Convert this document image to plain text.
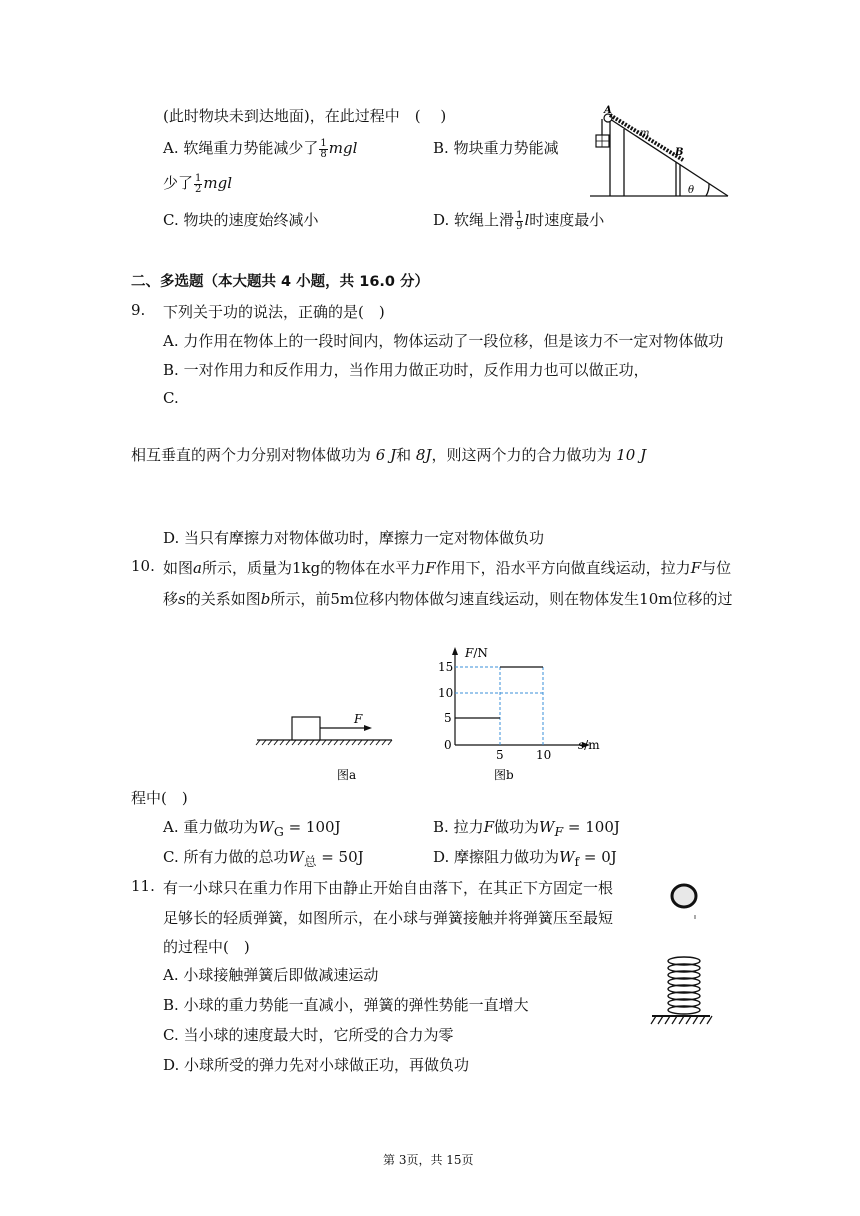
(此时物块未到达地面)，在此过程中　(　 )
A. 软绳重力势能减少了 $\frac{1}{8}$ mgl	B. 物块重力势能减
少了 $\frac{1}{2}$ mgl
C. 物块的速度始终减小	D. 软绳上滑 $\frac{1}{9}$ l时速度最小
A
m
B
θ
二、多选题（本大题共 4 小题，共 16.0 分）
9. 下列关于功的说法，正确的是(　)
A. 力作用在物体上的一段时间内，物体运动了一段位移，但是该力不一定对物体做功
B. 一对作用力和反作用力，当作用力做正功时，反作用力也可以做正功，
C.
相互垂直的两个力分别对物体做功为 6 J和 8J，则这两个力的合力做功为 10 J
D. 当只有摩擦力对物体做功时，摩擦力一定对物体做负功
10. 如图a所示，质量为1kg的物体在水平力F作用下，沿水平方向做直线运动，拉力F与位
移s的关系如图b所示，前5m位移内物体做匀速直线运动，则在物体发生10m位移的过
F
图a
15
10
5
0
5	10
F/N
s/m
图b
程中(　)
A. 重力做功为$W_G = 100J$	B. 拉力F做功为$W_F = 100J$
C. 所有力做的总功$W_总 = 50J$	D. 摩擦阻力做功为$W_f = 0J$
11. 有一小球只在重力作用下由静止开始自由落下，在其正下方固定一根
足够长的轻质弹簧，如图所示，在小球与弹簧接触并将弹簧压至最短
的过程中(　)
A. 小球接触弹簧后即做减速运动
B. 小球的重力势能一直减小，弹簧的弹性势能一直增大
C. 当小球的速度最大时，它所受的合力为零
D. 小球所受的弹力先对小球做正功，再做负功
第 3页，共 15页
